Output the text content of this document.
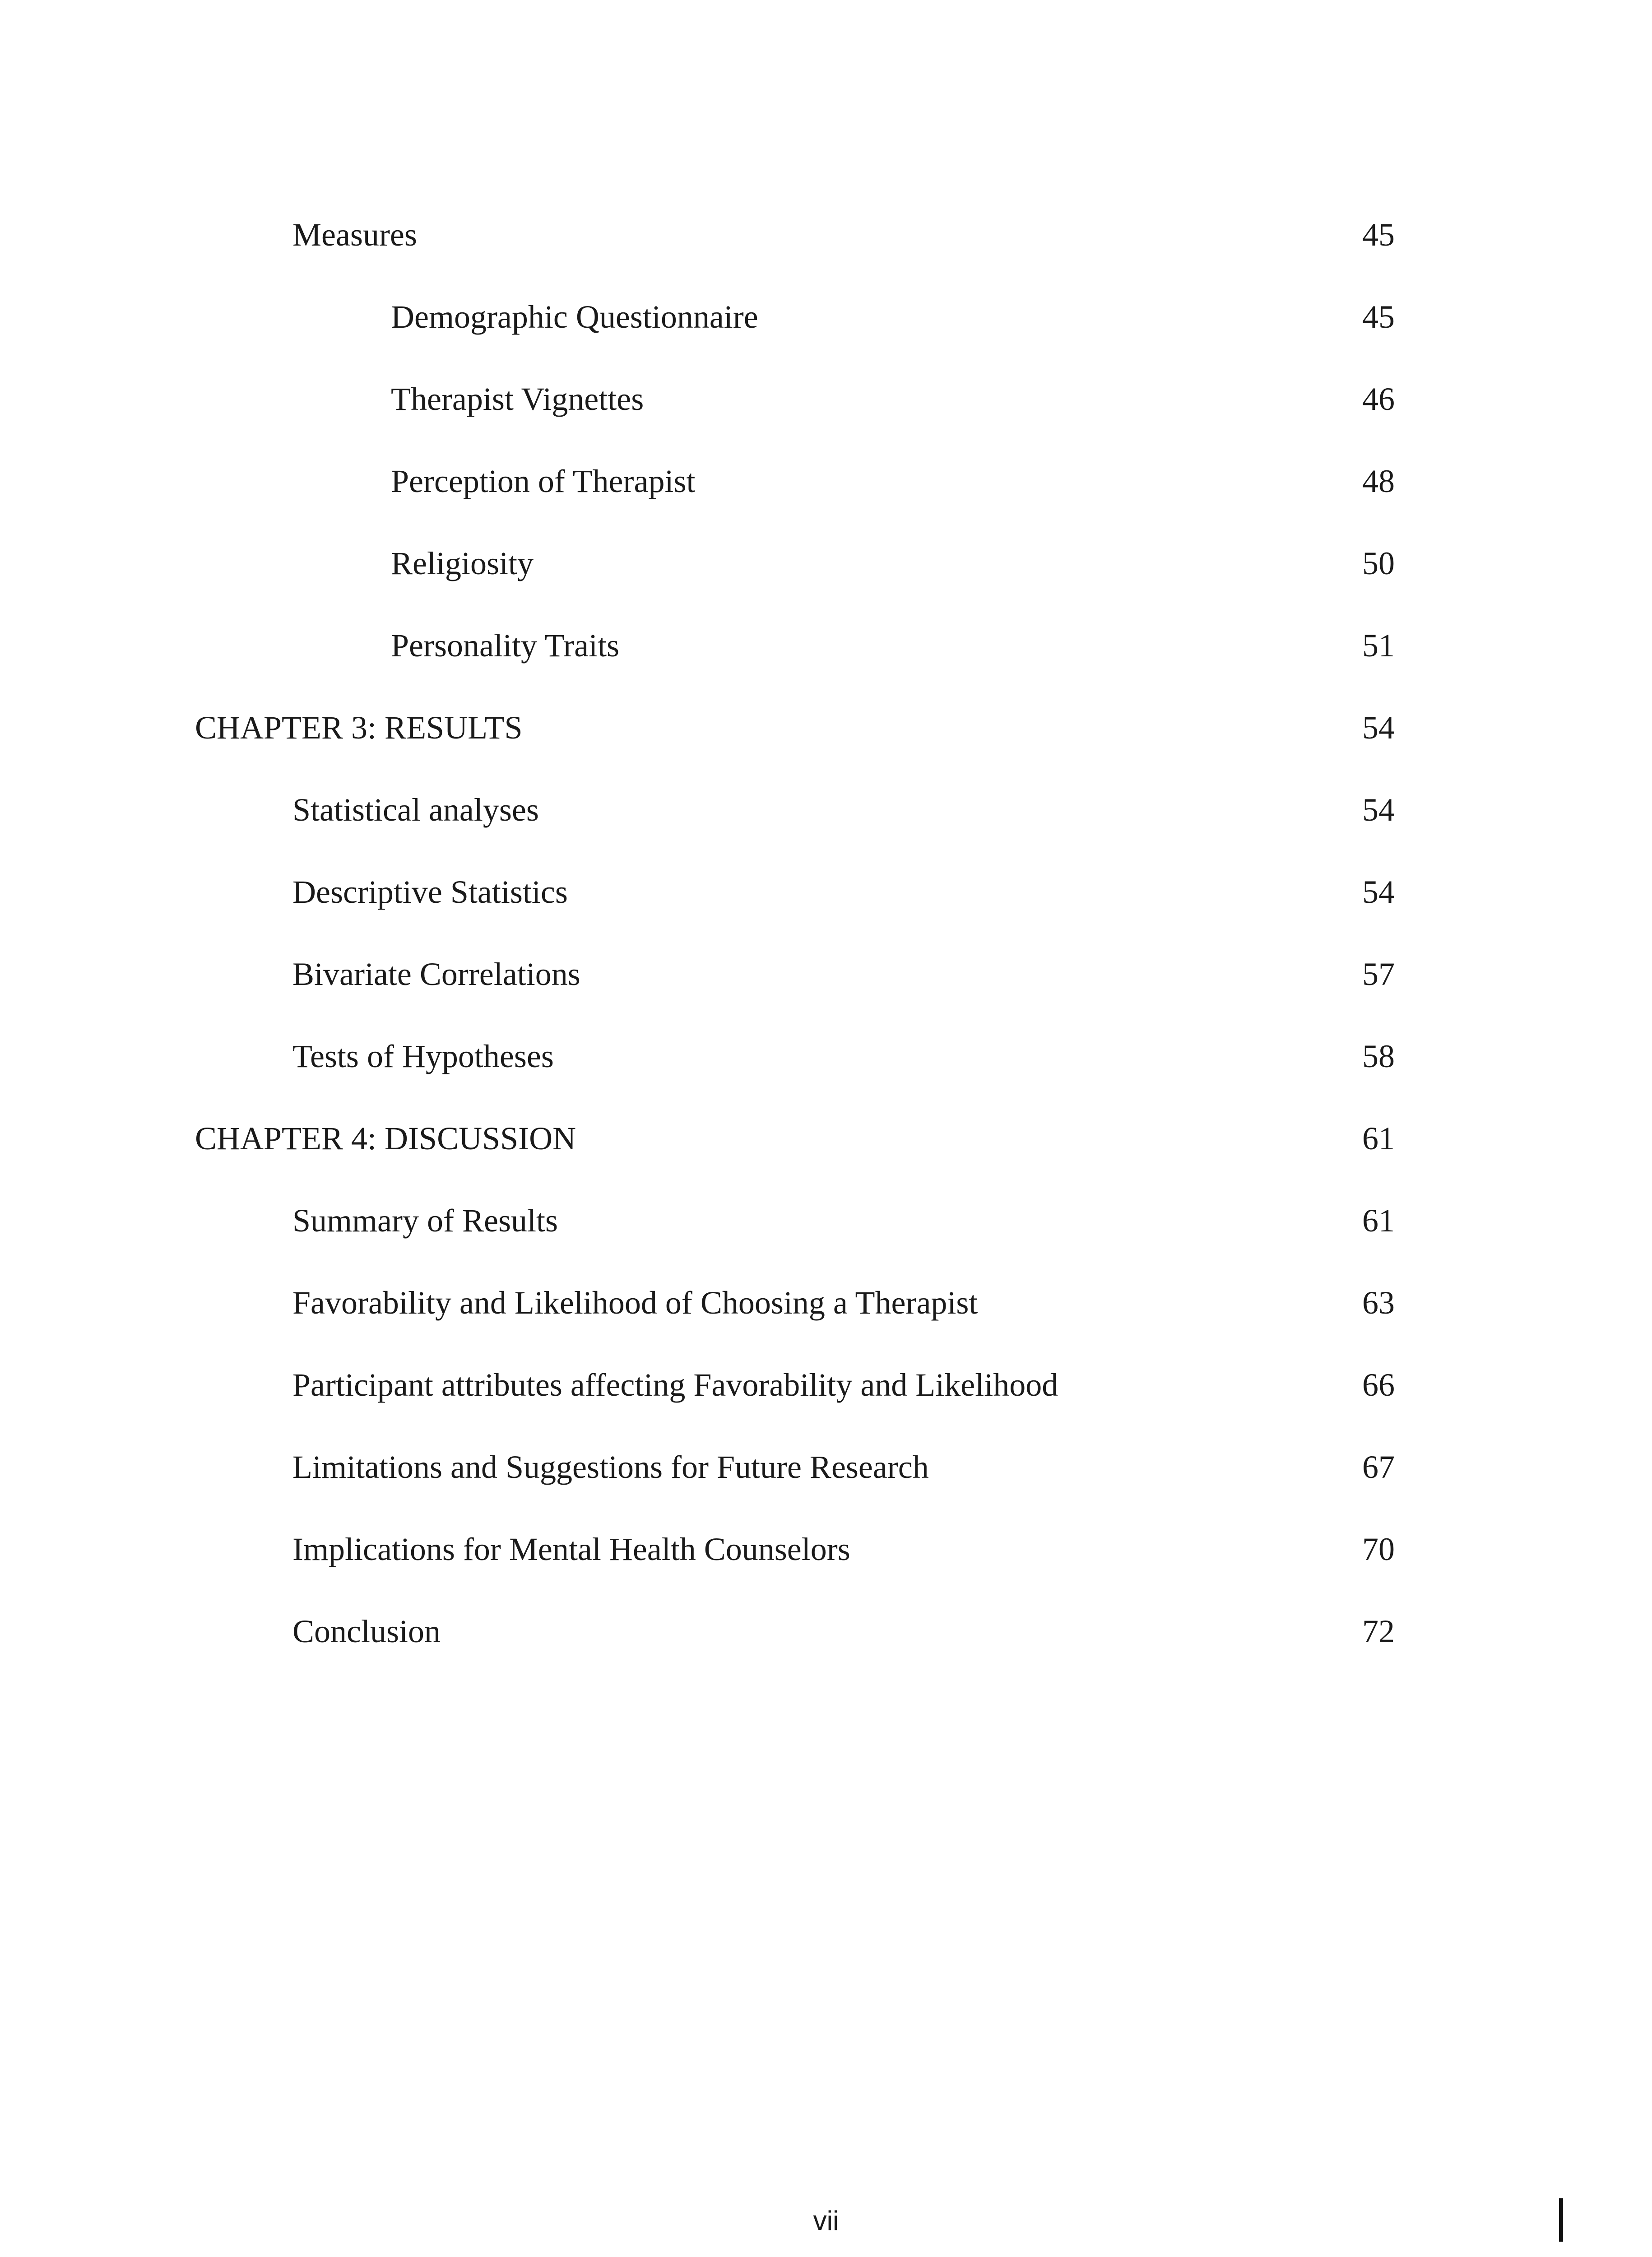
Measures	45
Demographic Questionnaire	45
Therapist Vignettes	46
Perception of Therapist	48
Religiosity	50
Personality Traits	51
CHAPTER 3: RESULTS	54
Statistical analyses	54
Descriptive Statistics	54
Bivariate Correlations	57
Tests of Hypotheses	58
CHAPTER 4: DISCUSSION	61
Summary of Results	61
Favorability and Likelihood of Choosing a Therapist	63
Participant attributes affecting Favorability and Likelihood	66
Limitations and Suggestions for Future Research	67
Implications for Mental Health Counselors	70
Conclusion	72
vii
